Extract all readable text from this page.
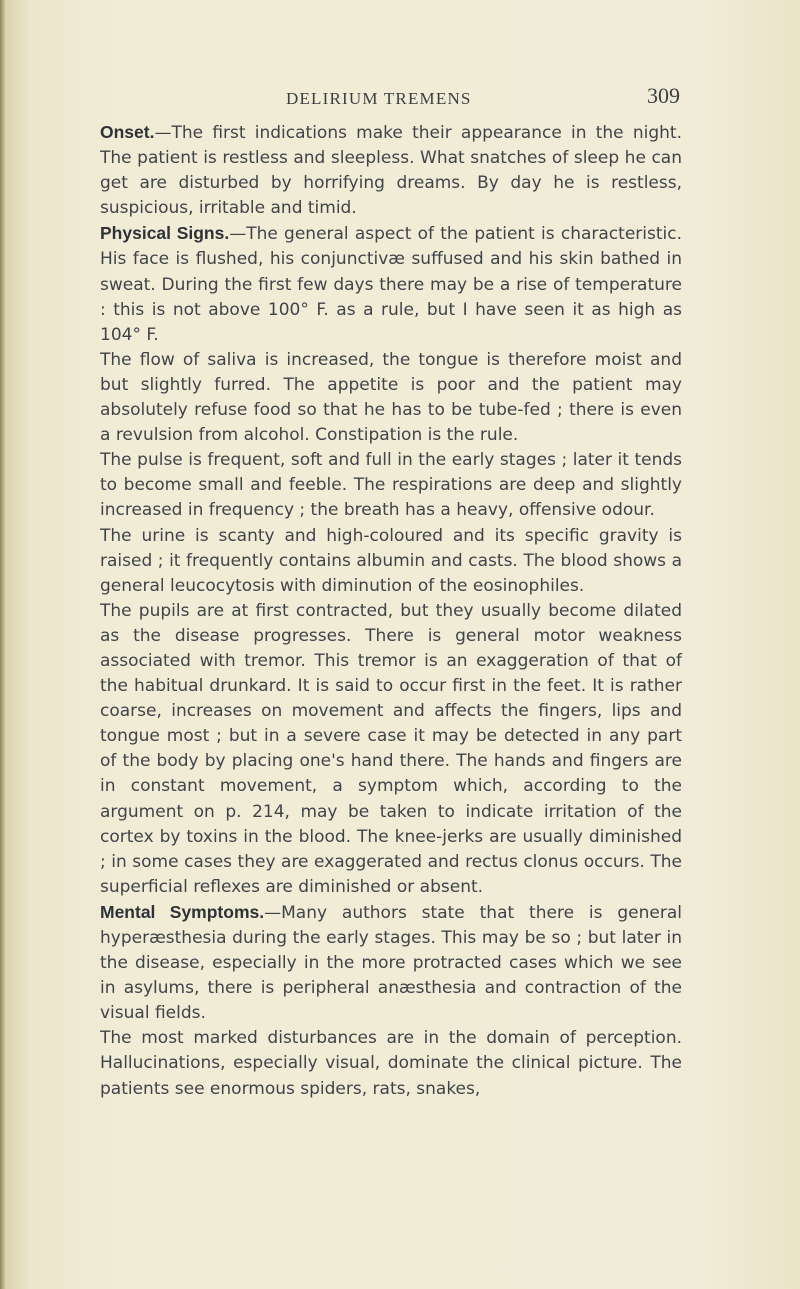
DELIRIUM TREMENS	309

Onset.—The first indications make their appearance in the night. The patient is restless and sleepless. What snatches of sleep he can get are disturbed by horrifying dreams. By day he is restless, suspicious, irritable and timid.

Physical Signs.—The general aspect of the patient is characteristic. His face is flushed, his conjunctivæ suffused and his skin bathed in sweat. During the first few days there may be a rise of temperature : this is not above 100° F. as a rule, but I have seen it as high as 104° F.

The flow of saliva is increased, the tongue is therefore moist and but slightly furred. The appetite is poor and the patient may absolutely refuse food so that he has to be tube-fed ; there is even a revulsion from alcohol. Constipation is the rule.

The pulse is frequent, soft and full in the early stages ; later it tends to become small and feeble. The respirations are deep and slightly increased in frequency ; the breath has a heavy, offensive odour.

The urine is scanty and high-coloured and its specific gravity is raised ; it frequently contains albumin and casts. The blood shows a general leucocytosis with diminution of the eosinophiles.

The pupils are at first contracted, but they usually become dilated as the disease progresses. There is general motor weakness associated with tremor. This tremor is an exaggeration of that of the habitual drunkard. It is said to occur first in the feet. It is rather coarse, increases on movement and affects the fingers, lips and tongue most ; but in a severe case it may be detected in any part of the body by placing one's hand there. The hands and fingers are in constant movement, a symptom which, according to the argument on p. 214, may be taken to indicate irritation of the cortex by toxins in the blood. The knee-jerks are usually diminished ; in some cases they are exaggerated and rectus clonus occurs. The superficial reflexes are diminished or absent.

Mental Symptoms.—Many authors state that there is general hyperæsthesia during the early stages. This may be so ; but later in the disease, especially in the more protracted cases which we see in asylums, there is peripheral anæsthesia and contraction of the visual fields.

The most marked disturbances are in the domain of perception. Hallucinations, especially visual, dominate the clinical picture. The patients see enormous spiders, rats, snakes,
